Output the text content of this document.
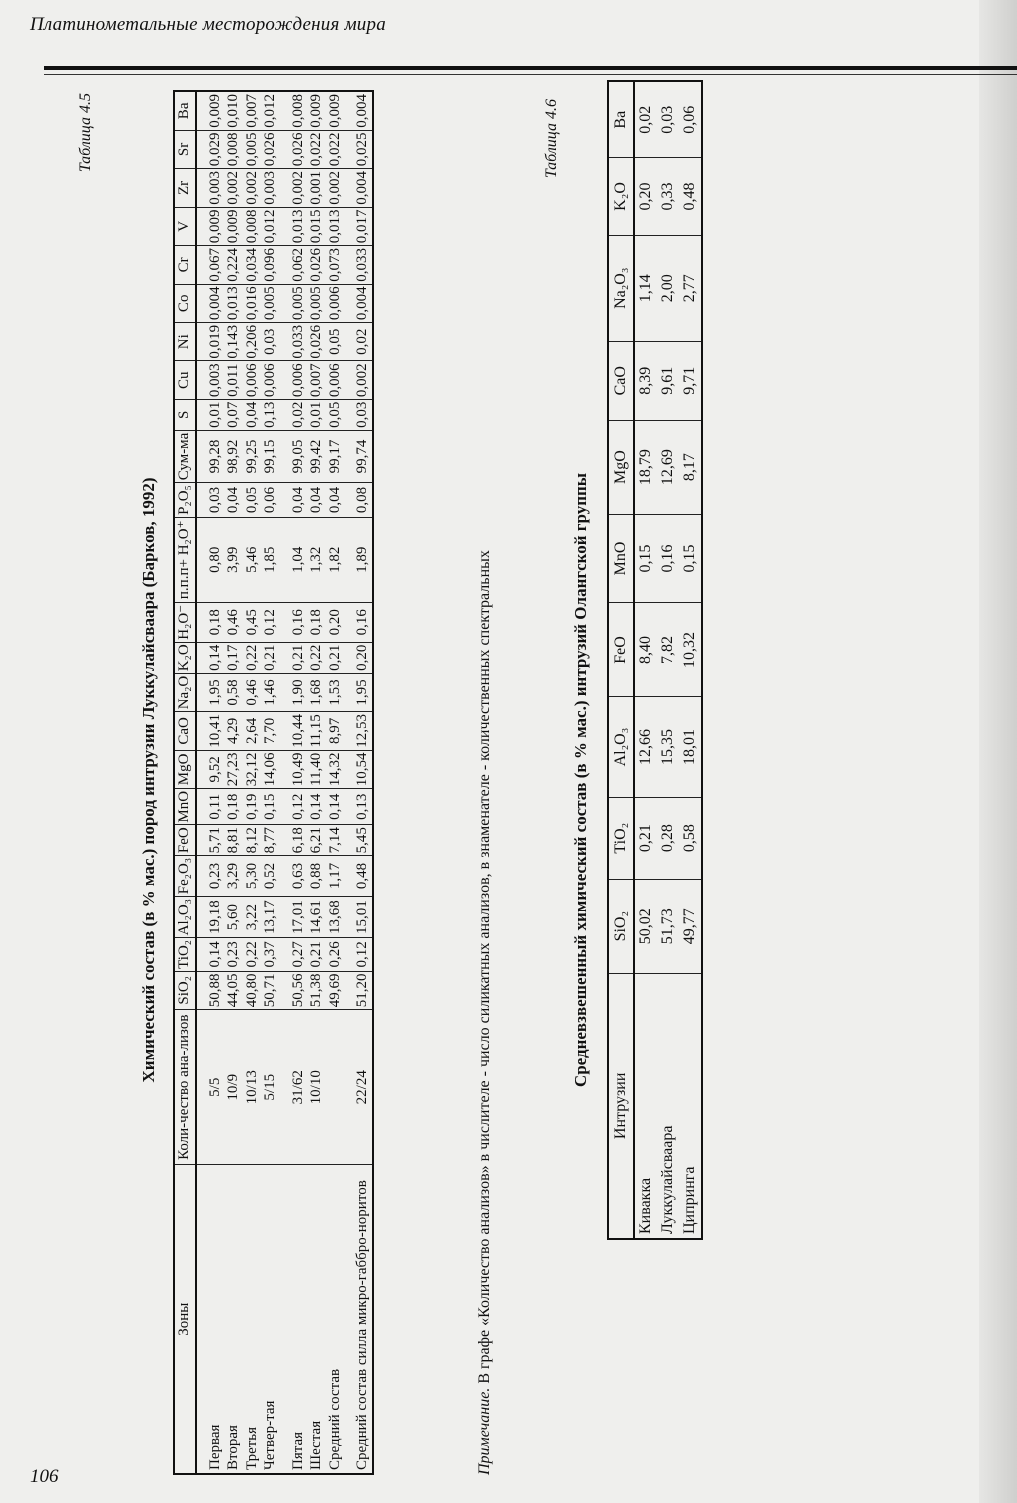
Платинометальные месторождения мира
106
Таблица 4.5
Химический состав (в % мас.) пород интрузии Луккулайсваара (Барков, 1992)
Зоны	Коли-чество ана-лизов	SiO₂	TiO₂	Al₂O₃	Fe₂O₃	FeO	MnO	MgO	CaO	Na₂O	K₂O	H₂O⁻	п.п.п+ H₂O⁺	P₂O₅	Сум-ма	S	Cu	Ni	Co	Cr	V	Zr	Sr	Ba
Первая	5/5	50,88	0,14	19,18	0,23	5,71	0,11	9,52	10,41	1,95	0,14	0,18	0,80	0,03	99,28	0,01	0,003	0,019	0,004	0,067	0,009	0,003	0,029	0,009
Вторая	10/9	44,05	0,23	5,60	3,29	8,81	0,18	27,23	4,29	0,58	0,17	0,46	3,99	0,04	98,92	0,07	0,011	0,143	0,013	0,224	0,009	0,002	0,008	0,010
Третья	10/13	40,80	0,22	3,22	5,30	8,12	0,19	32,12	2,64	0,46	0,22	0,45	5,46	0,05	99,25	0,04	0,006	0,206	0,016	0,034	0,008	0,002	0,005	0,007
Четвер-тая	5/15	50,71	0,37	13,17	0,52	8,77	0,15	14,06	7,70	1,46	0,21	0,12	1,85	0,06	99,15	0,13	0,006	0,03	0,005	0,096	0,012	0,003	0,026	0,012
Пятая	31/62	50,56	0,27	17,01	0,63	6,18	0,12	10,49	10,44	1,90	0,21	0,16	1,04	0,04	99,05	0,02	0,006	0,033	0,005	0,062	0,013	0,002	0,026	0,008
Шестая	10/10	51,38	0,21	14,61	0,88	6,21	0,14	11,40	11,15	1,68	0,22	0,18	1,32	0,04	99,42	0,01	0,007	0,026	0,005	0,026	0,015	0,001	0,022	0,009
Средний состав		49,69	0,26	13,68	1,17	7,14	0,14	14,32	8,97	1,53	0,21	0,20	1,82	0,04	99,17	0,05	0,006	0,05	0,006	0,073	0,013	0,002	0,022	0,009
Средний состав силла микро-габбро-норитов	22/24	51,20	0,12	15,01	0,48	5,45	0,13	10,54	12,53	1,95	0,20	0,16	1,89	0,08	99,74	0,03	0,002	0,02	0,004	0,033	0,017	0,004	0,025	0,004
Примечание. В графе «Количество анализов» в числителе - число силикатных анализов, в знаменателе - количественных спектральных
Таблица 4.6
Средневзвешенный химический состав (в % мас.) интрузий Олангской группы
Интрузии	SiO₂	TiO₂	Al₂O₃	FeO	MnO	MgO	CaO	Na₂O₃	K₂O	Ba
Кивакка	50,02	0,21	12,66	8,40	0,15	18,79	8,39	1,14	0,20	0,02
Луккулайсваара	51,73	0,28	15,35	7,82	0,16	12,69	9,61	2,00	0,33	0,03
Ципринга	49,77	0,58	18,01	10,32	0,15	8,17	9,71	2,77	0,48	0,06
